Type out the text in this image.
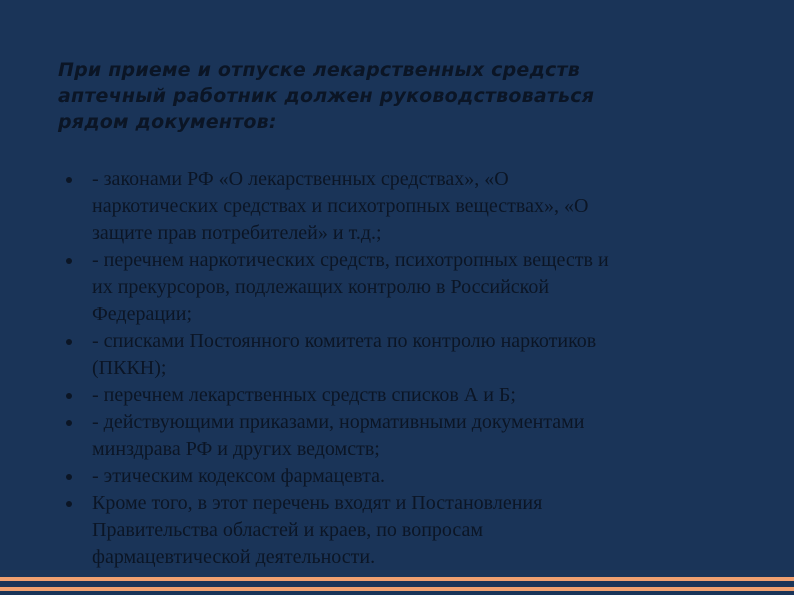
При приеме и отпуске лекарственных средств
аптечный работник должен руководствоваться
рядом документов:
- законами РФ «О лекарственных средствах», «О
наркотических средствах и психотропных веществах», «О
защите прав потребителей» и т.д.;
- перечнем наркотических средств, психотропных веществ и
их прекурсоров, подлежащих контролю в Российской
Федерации;
- списками Постоянного комитета по контролю наркотиков
(ПККН);
- перечнем лекарственных средств списков А и Б;
- действующими приказами, нормативными документами
минздрава РФ и других ведомств;
- этическим кодексом фармацевта.
Кроме того, в этот перечень входят и Постановления
Правительства областей и краев, по вопросам
фармацевтической деятельности.
